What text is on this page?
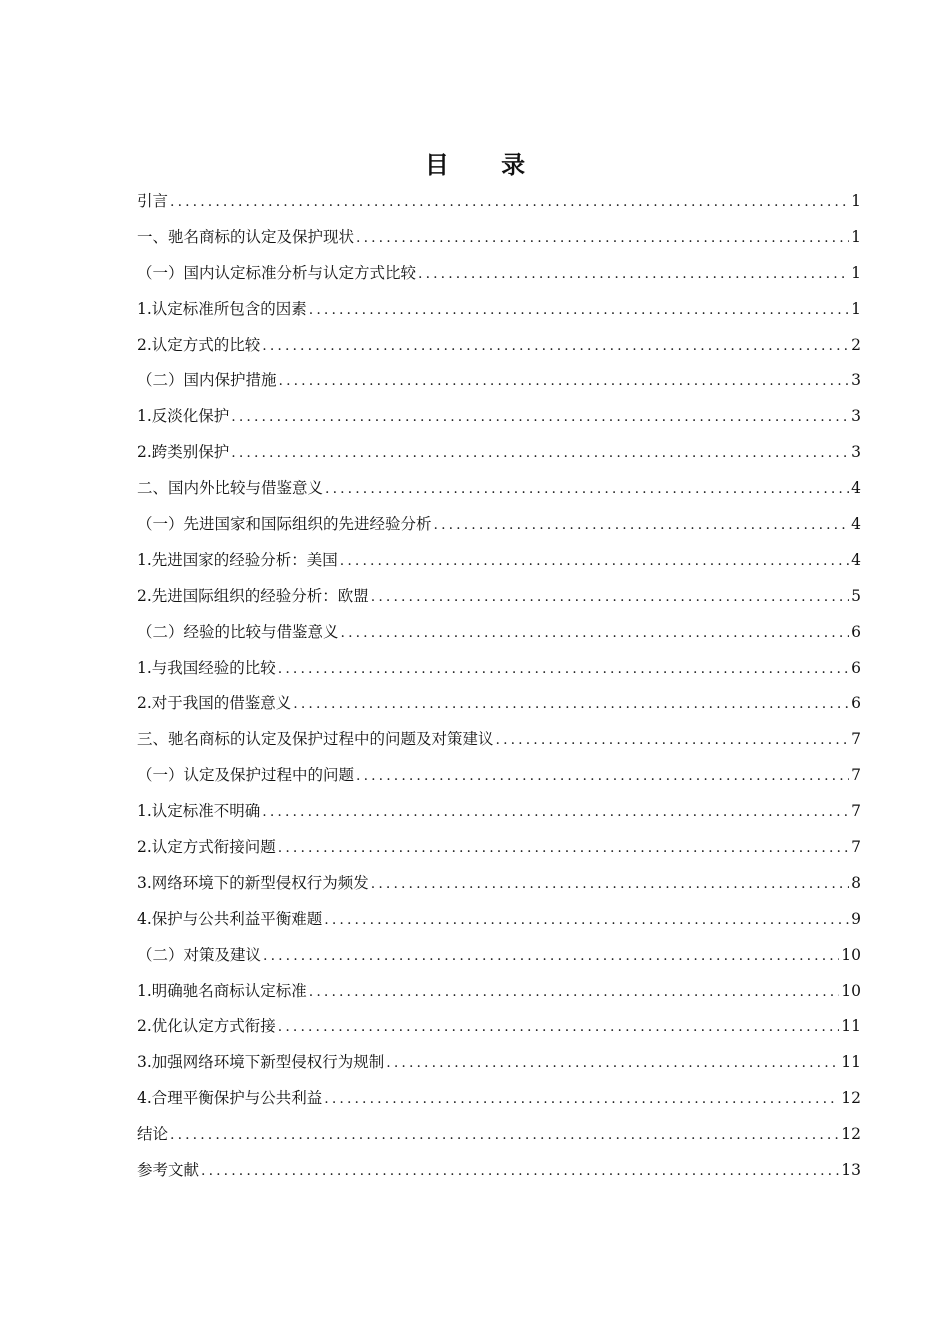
目 录
引言 .....	1
一、驰名商标的认定及保护现状 .....	1
（一）国内认定标准分析与认定方式比较 .....	1
1.认定标准所包含的因素 .....	1
2.认定方式的比较 .....	2
（二）国内保护措施 .....	3
1.反淡化保护 .....	3
2.跨类别保护 .....	3
二、国内外比较与借鉴意义 .....	4
（一）先进国家和国际组织的先进经验分析 .....	4
1.先进国家的经验分析：美国 .....	4
2.先进国际组织的经验分析：欧盟 .....	5
（二）经验的比较与借鉴意义 .....	6
1.与我国经验的比较 .....	6
2.对于我国的借鉴意义 .....	6
三、驰名商标的认定及保护过程中的问题及对策建议 .....	7
（一）认定及保护过程中的问题 .....	7
1.认定标准不明确 .....	7
2.认定方式衔接问题 .....	7
3.网络环境下的新型侵权行为频发 .....	8
4.保护与公共利益平衡难题 .....	9
（二）对策及建议 .....	10
1.明确驰名商标认定标准 .....	10
2.优化认定方式衔接 .....	11
3.加强网络环境下新型侵权行为规制 .....	11
4.合理平衡保护与公共利益 .....	12
结论 .....	12
参考文献 .....	13
